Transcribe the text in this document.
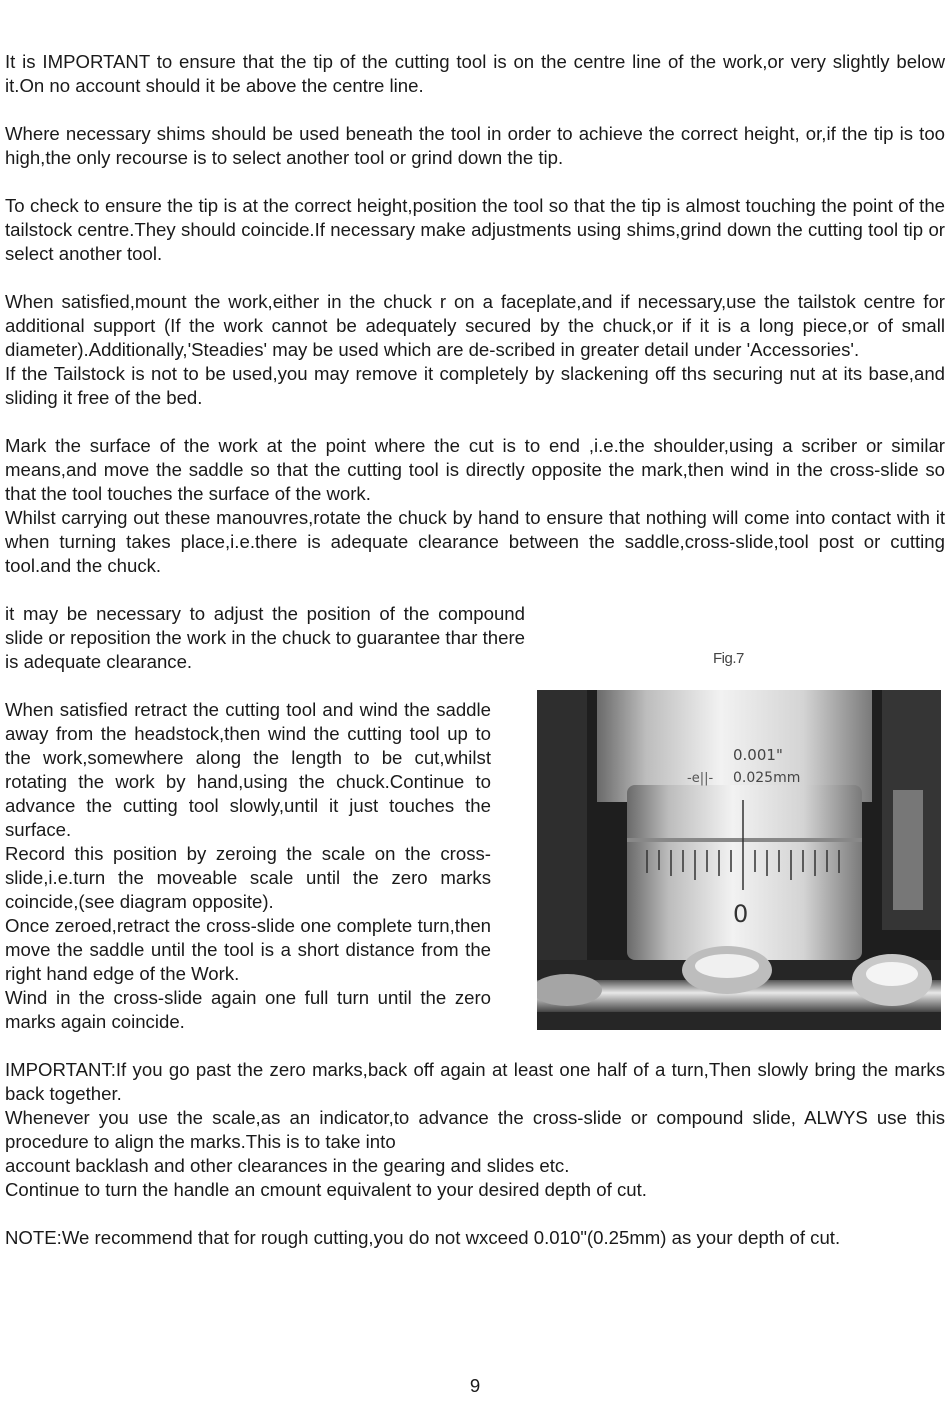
It is IMPORTANT to ensure that the tip of the cutting tool is on the centre line of the work,or very slightly below it.On no account should it be above the centre line.

Where necessary shims should be used beneath the tool in order to achieve the correct height, or,if the tip is too high,the only recourse is to select another tool or grind down the tip.

To check to ensure the tip is at the correct height,position the tool so that the tip is almost touching the point of the tailstock centre.They should coincide.If necessary make adjustments using shims,grind down the cutting tool tip or select another tool.

When satisfied,mount the work,either in the chuck r on a faceplate,and if necessary,use the tailstok centre for additional support (If the work cannot be adequately secured by the chuck,or if it is a long piece,or of small diameter).Additionally,'Steadies' may be used which are de-scribed in greater detail under 'Accessories'.

If the Tailstock is not to be used,you may remove it completely by slackening off ths securing nut at its base,and sliding it free of the bed.

Mark the surface of the work at the point where the cut is to end ,i.e.the shoulder,using a scriber or similar means,and move the saddle so that the cutting tool is directly opposite the mark,then wind in the cross-slide so that the tool touches the surface of the work.

Whilst carrying out these manouvres,rotate the chuck by hand to ensure that nothing will come into contact with it when turning takes place,i.e.there is adequate clearance between the saddle,cross-slide,tool post or cutting tool.and the chuck.

it may be necessary to adjust the position of the compound slide or reposition the work in the chuck to guarantee thar there is adequate clearance.	Fig.7
0.001"
-e||- 0.025mm
0

When satisfied retract the cutting tool and wind the saddle away from the headstock,then wind the cutting tool up to the work,somewhere along the length to be cut,whilst rotating the work by hand,using the chuck.Continue to advance the cutting tool slowly,until it just touches the surface.

Record this position by zeroing the scale on the cross-slide,i.e.turn the moveable scale until the zero marks coincide,(see diagram opposite).

Once zeroed,retract the cross-slide one complete turn,then move the saddle until the tool is a short distance from the right hand edge of the Work.

Wind in the cross-slide again one full turn until the zero marks again coincide.

IMPORTANT:If you go past the zero marks,back off again at least one half of a turn,Then slowly bring the marks back together.

Whenever you use the scale,as an indicator,to advance the cross-slide or compound slide, ALWYS use this procedure to align the marks.This is to take into

account backlash and other clearances in the gearing and slides etc.

Continue to turn the handle an cmount equivalent to your desired depth of cut.

NOTE:We recommend that for rough cutting,you do not wxceed 0.010"(0.25mm) as your depth of cut.

9
